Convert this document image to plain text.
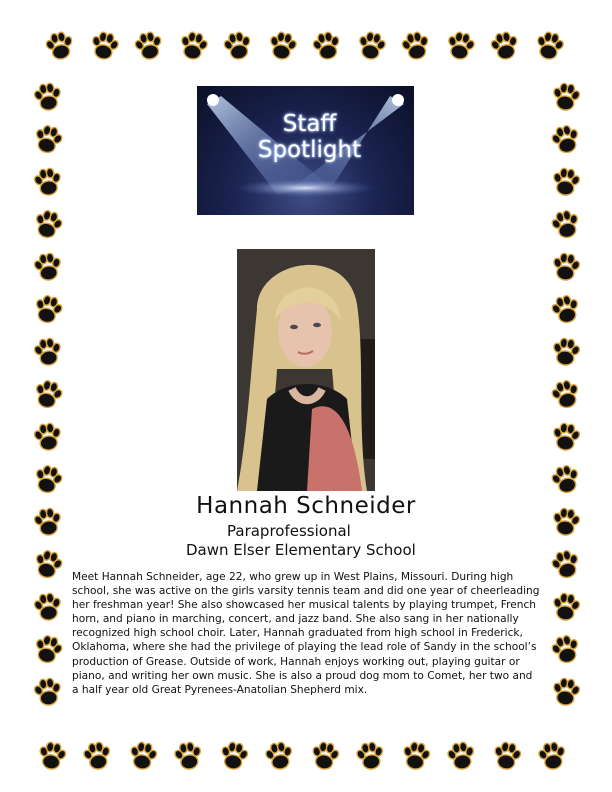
Staff
Spotlight
Hannah Schneider
Paraprofessional
Dawn Elser Elementary School

Meet Hannah Schneider, age 22, who grew up in West Plains, Missouri. During high school, she was active on the girls varsity tennis team and did one year of cheerleading her freshman year! She also showcased her musical talents by playing trumpet, French horn, and piano in marching, concert, and jazz band. She also sang in her nationally recognized high school choir. Later, Hannah graduated from high school in Frederick, Oklahoma, where she had the privilege of playing the lead role of Sandy in the school’s production of Grease. Outside of work, Hannah enjoys working out, playing guitar or piano, and writing her own music. She is also a proud dog mom to Comet, her two and a half year old Great Pyrenees-Anatolian Shepherd mix.
